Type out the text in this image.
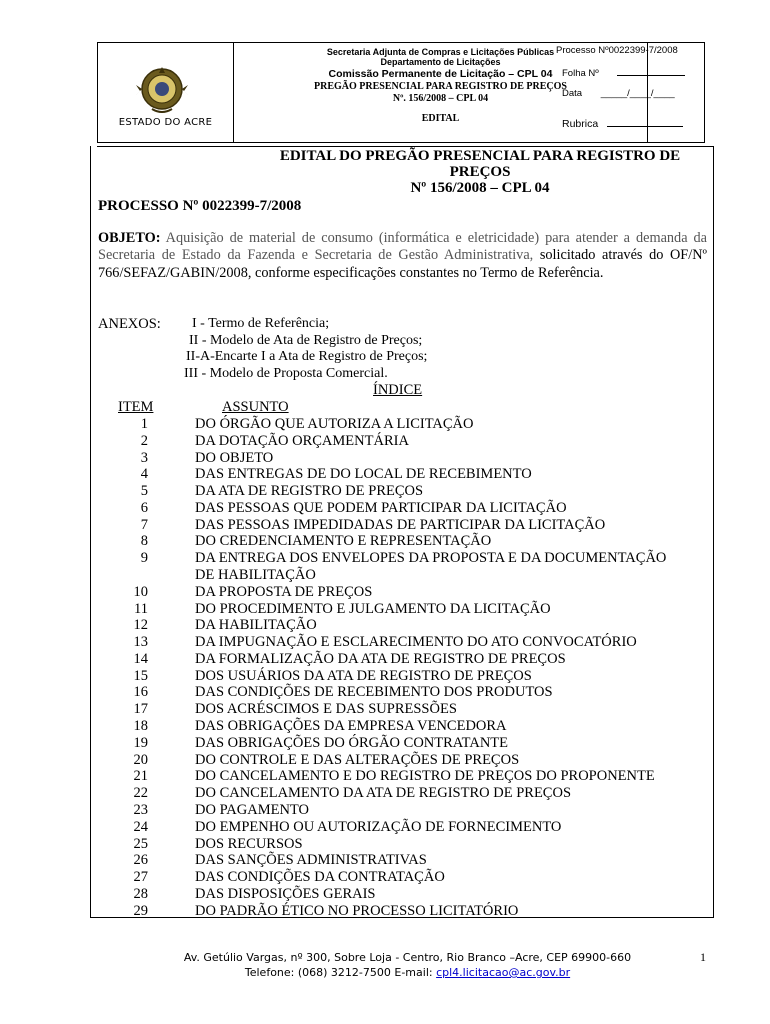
ESTADO DO ACRE
Secretaria Adjunta de Compras e Licitações Públicas
Departamento de Licitações
Comissão Permanente de Licitação – CPL 04
PREGÃO PRESENCIAL PARA REGISTRO DE PREÇOS
Nº. 156/2008 – CPL 04
EDITAL
Processo Nº0022399-7/2008
Folha Nº
Data _____/____/____
Rubrica
EDITAL DO PREGÃO PRESENCIAL PARA REGISTRO DE
PREÇOS
Nº 156/2008 – CPL 04
PROCESSO Nº 0022399-7/2008
OBJETO: Aquisição de material de consumo (informática e eletricidade) para atender a demanda da Secretaria de Estado da Fazenda e Secretaria de Gestão Administrativa, solicitado através do OF/Nº 766/SEFAZ/GABIN/2008, conforme especificações constantes no Termo de Referência.
ANEXOS: I - Termo de Referência;
II - Modelo de Ata de Registro de Preços;
II-A-Encarte I a Ata de Registro de Preços;
III - Modelo de Proposta Comercial.
ÍNDICE
ITEM	ASSUNTO
1	DO ÓRGÃO QUE AUTORIZA A LICITAÇÃO
2	DA DOTAÇÃO ORÇAMENTÁRIA
3	DO OBJETO
4	DAS ENTREGAS DE DO LOCAL DE RECEBIMENTO
5	DA ATA DE REGISTRO DE PREÇOS
6	DAS PESSOAS QUE PODEM PARTICIPAR DA LICITAÇÃO
7	DAS PESSOAS IMPEDIDADAS DE PARTICIPAR DA LICITAÇÃO
8	DO CREDENCIAMENTO E REPRESENTAÇÃO
9	DA ENTREGA DOS ENVELOPES DA PROPOSTA E DA DOCUMENTAÇÃO
DE HABILITAÇÃO
10	DA PROPOSTA DE PREÇOS
11	DO PROCEDIMENTO E JULGAMENTO DA LICITAÇÃO
12	DA HABILITAÇÃO
13	DA IMPUGNAÇÃO E ESCLARECIMENTO DO ATO CONVOCATÓRIO
14	DA FORMALIZAÇÃO DA ATA DE REGISTRO DE PREÇOS
15	DOS USUÁRIOS DA ATA DE REGISTRO DE PREÇOS
16	DAS CONDIÇÕES DE RECEBIMENTO DOS PRODUTOS
17	DOS ACRÉSCIMOS E DAS SUPRESSÕES
18	DAS OBRIGAÇÕES DA EMPRESA VENCEDORA
19	DAS OBRIGAÇÕES DO ÓRGÃO CONTRATANTE
20	DO CONTROLE E DAS ALTERAÇÕES DE PREÇOS
21	DO CANCELAMENTO E DO REGISTRO DE PREÇOS DO PROPONENTE
22	DO CANCELAMENTO DA ATA DE REGISTRO DE PREÇOS
23	DO PAGAMENTO
24	DO EMPENHO OU AUTORIZAÇÃO DE FORNECIMENTO
25	DOS RECURSOS
26	DAS SANÇÕES ADMINISTRATIVAS
27	DAS CONDIÇÕES DA CONTRATAÇÃO
28	DAS DISPOSIÇÕES GERAIS
29	DO PADRÃO ÉTICO NO PROCESSO LICITATÓRIO
Av. Getúlio Vargas, nº 300, Sobre Loja - Centro, Rio Branco –Acre, CEP 69900-660
Telefone: (068) 3212-7500 E-mail: cpl4.licitacao@ac.gov.br
1
